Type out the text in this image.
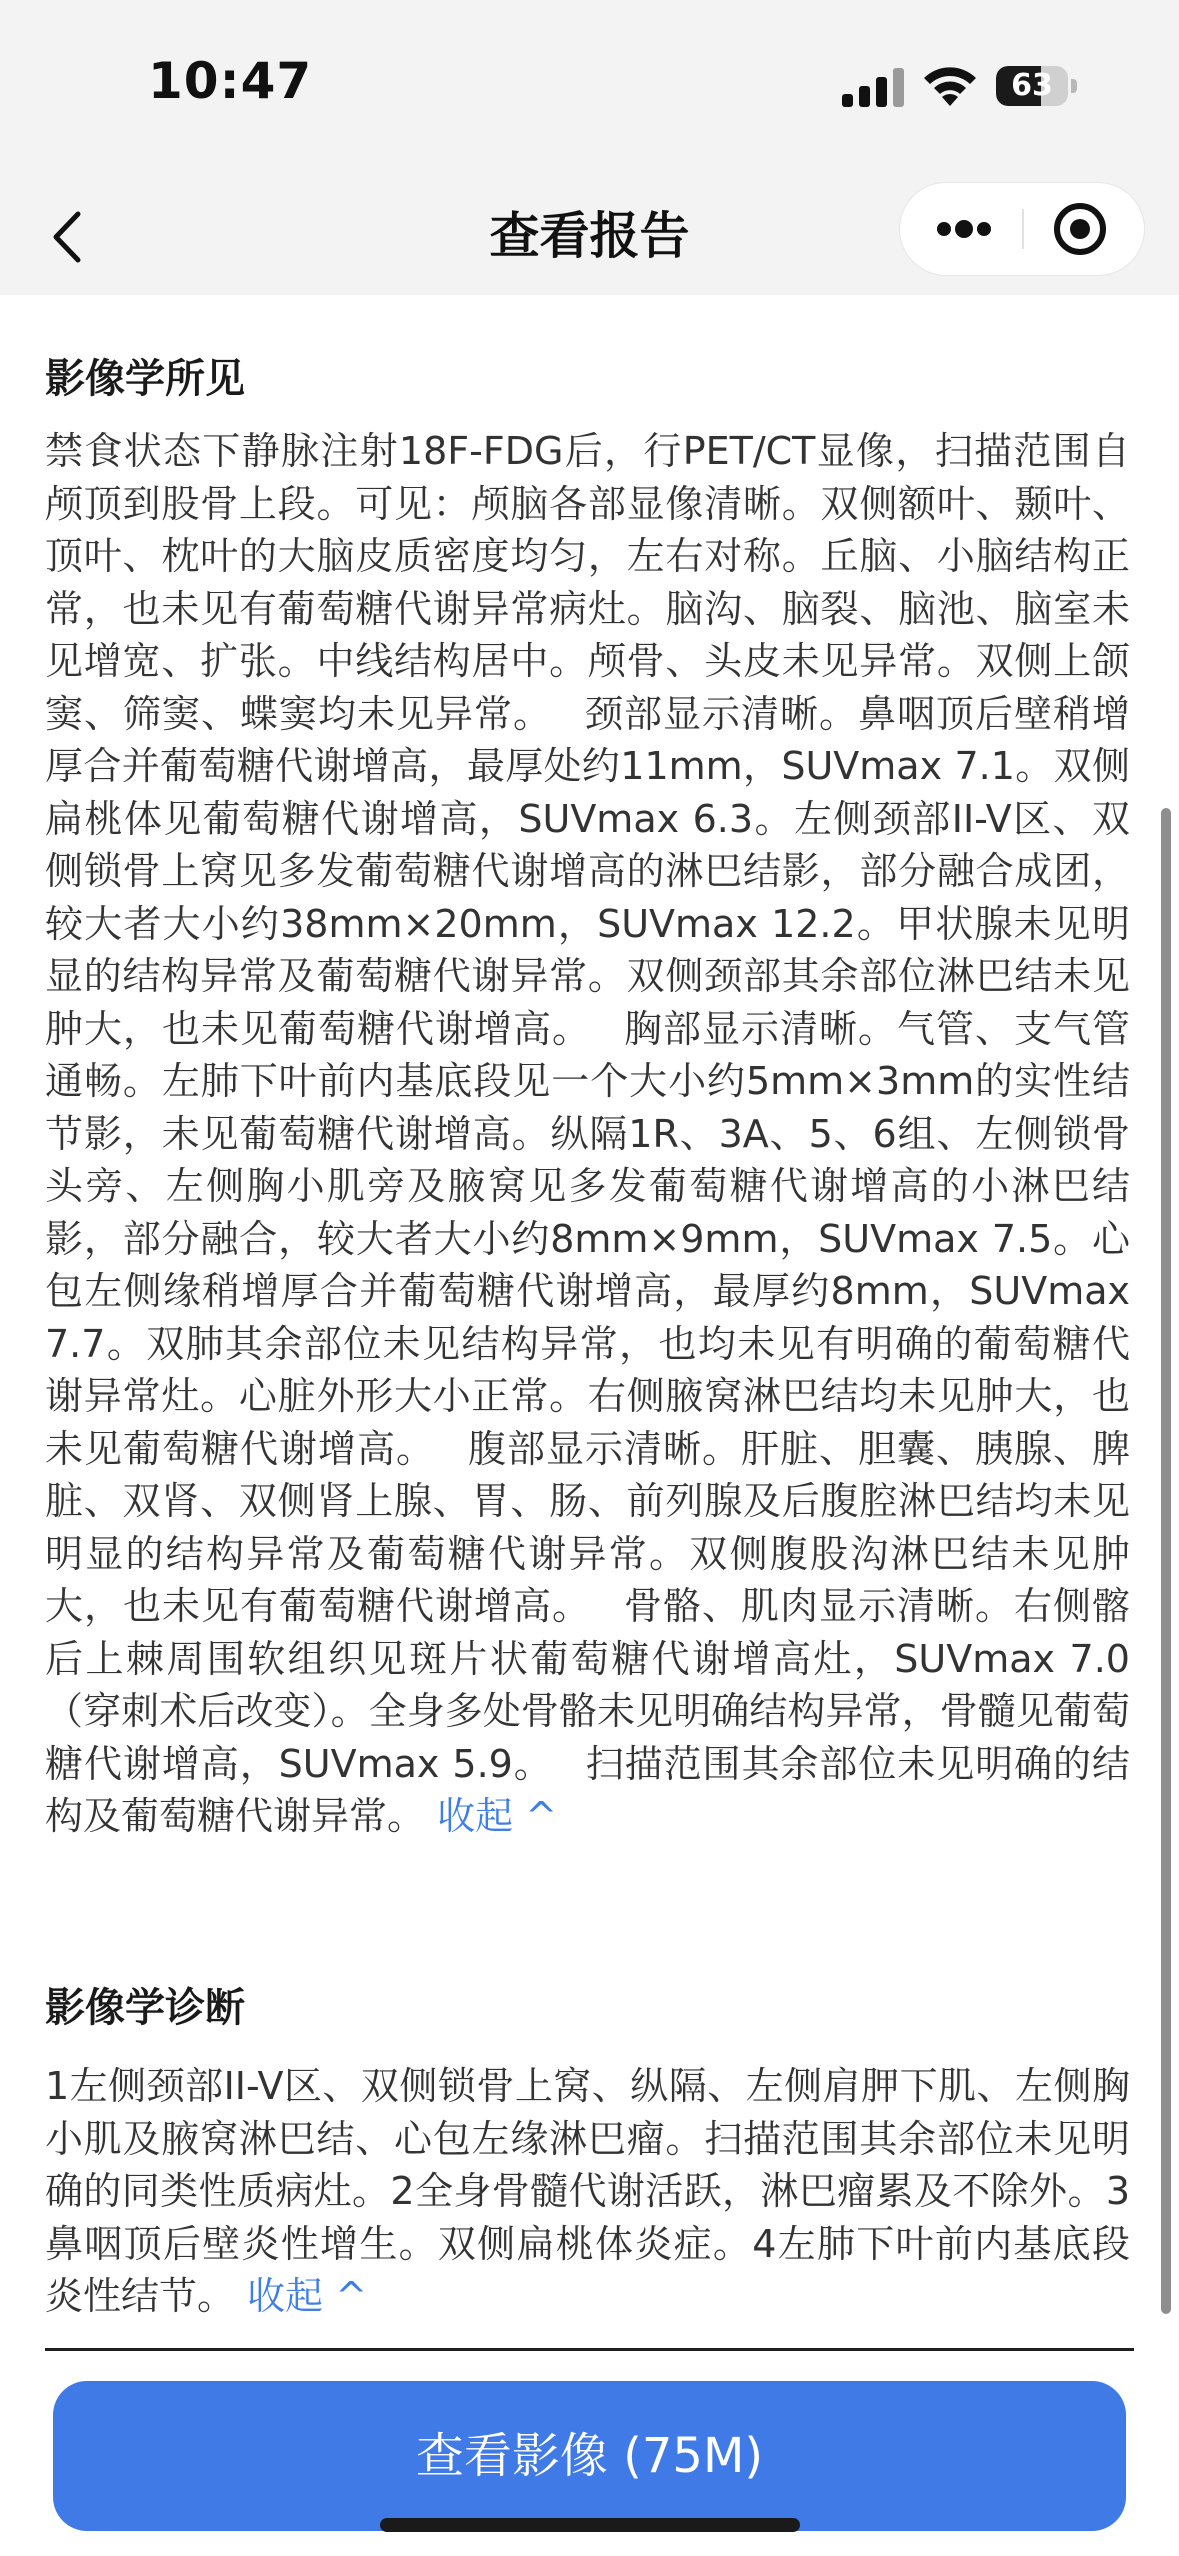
10:47	63
查看报告
影像学所见
禁食状态下静脉注射18F-FDG后，行PET/CT显像，扫描范围自颅顶到股骨上段。可见：颅脑各部显像清晰。双侧额叶、颞叶、顶叶、枕叶的大脑皮质密度均匀，左右对称。丘脑、小脑结构正常，也未见有葡萄糖代谢异常病灶。脑沟、脑裂、脑池、脑室未见增宽、扩张。中线结构居中。颅骨、头皮未见异常。双侧上颌窦、筛窦、蝶窦均未见异常。　 颈部显示清晰。鼻咽顶后壁稍增厚合并葡萄糖代谢增高，最厚处约11mm，SUVmax 7.1。双侧扁桃体见葡萄糖代谢增高，SUVmax 6.3。左侧颈部II-V区、双侧锁骨上窝见多发葡萄糖代谢增高的淋巴结影，部分融合成团，较大者大小约38mm×20mm，SUVmax 12.2。甲状腺未见明显的结构异常及葡萄糖代谢异常。双侧颈部其余部位淋巴结未见肿大，也未见葡萄糖代谢增高。　 胸部显示清晰。气管、支气管通畅。左肺下叶前内基底段见一个大小约5mm×3mm的实性结节影，未见葡萄糖代谢增高。纵隔1R、3A、5、6组、左侧锁骨头旁、左侧胸小肌旁及腋窝见多发葡萄糖代谢增高的小淋巴结影，部分融合，较大者大小约8mm×9mm，SUVmax 7.5。心包左侧缘稍增厚合并葡萄糖代谢增高，最厚约8mm，SUVmax 7.7。双肺其余部位未见结构异常，也均未见有明确的葡萄糖代谢异常灶。心脏外形大小正常。右侧腋窝淋巴结均未见肿大，也未见葡萄糖代谢增高。　 腹部显示清晰。肝脏、胆囊、胰腺、脾脏、双肾、双侧肾上腺、胃、肠、前列腺及后腹腔淋巴结均未见明显的结构异常及葡萄糖代谢异常。双侧腹股沟淋巴结未见肿大，也未见有葡萄糖代谢增高。　 骨骼、肌肉显示清晰。右侧髂后上棘周围软组织见斑片状葡萄糖代谢增高灶，SUVmax 7.0（穿刺术后改变）。全身多处骨骼未见明确结构异常，骨髓见葡萄糖代谢增高，SUVmax 5.9。　 扫描范围其余部位未见明确的结构及葡萄糖代谢异常。 收起 ^
影像学诊断
1左侧颈部II-V区、双侧锁骨上窝、纵隔、左侧肩胛下肌、左侧胸小肌及腋窝淋巴结、心包左缘淋巴瘤。扫描范围其余部位未见明确的同类性质病灶。2全身骨髓代谢活跃，淋巴瘤累及不除外。3鼻咽顶后壁炎性增生。双侧扁桃体炎症。4左肺下叶前内基底段炎性结节。 收起 ^
查看影像 (75M)
